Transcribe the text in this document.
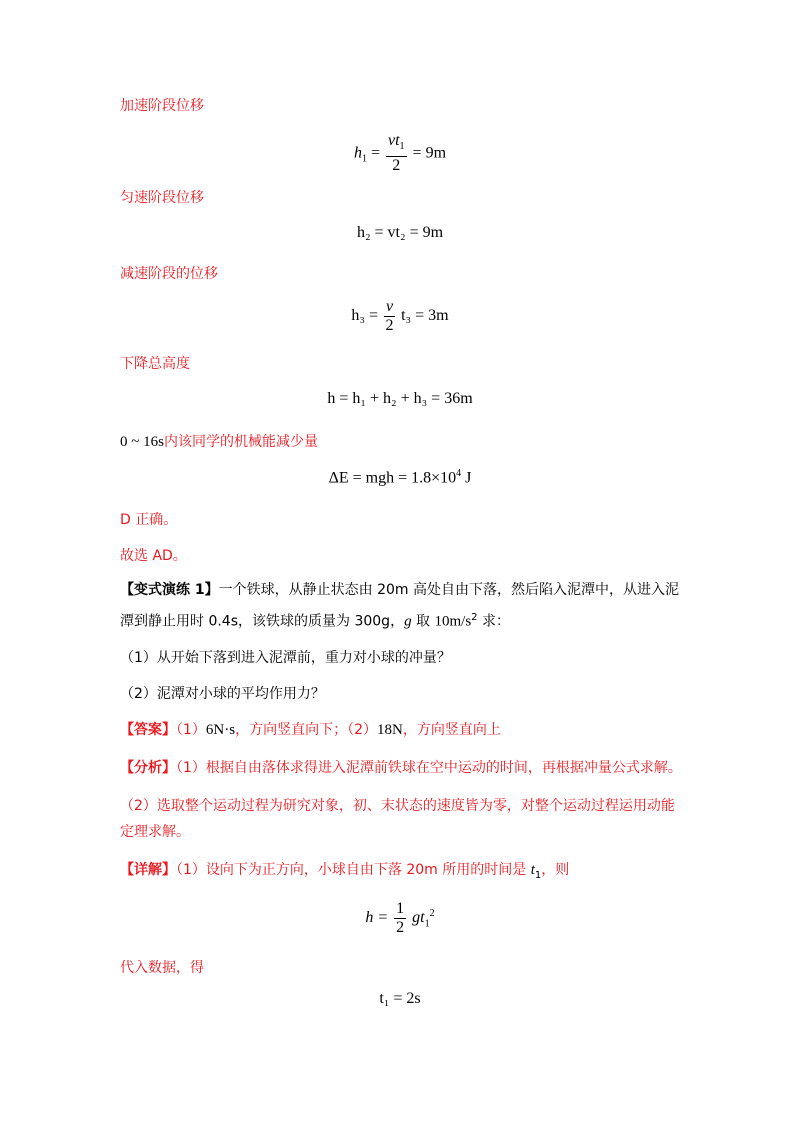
加速阶段位移
$h_1 = \frac{vt_1}{2} = 9m$
匀速阶段位移
h₂ = vt₂ = 9m
减速阶段的位移
$h_3 = \frac{v}{2} t_3 = 3m$
下降总高度
h = h₁ + h₂ + h₃ = 36m
0 ~ 16s内该同学的机械能减少量
ΔE = mgh = $1.8\times 10^4$ J
D 正确。
故选 AD。
【变式演练 1】一个铁球，从静止状态由 20m 高处自由下落，然后陷入泥潭中，从进入泥
潭到静止用时 0.4s，该铁球的质量为 300g，g 取 $10m/s^2$ 求：
（1）从开始下落到进入泥潭前，重力对小球的冲量？
（2）泥潭对小球的平均作用力？
【答案】（1）6N·s，方向竖直向下；（2）18N，方向竖直向上
【分析】（1）根据自由落体求得进入泥潭前铁球在空中运动的时间，再根据冲量公式求解。
（2）选取整个运动过程为研究对象，初、末状态的速度皆为零，对整个运动过程运用动能
定理求解。
【详解】（1）设向下为正方向，小球自由下落 20m 所用的时间是 $t_1$，则
$h = \frac{1}{2} gt_1^2$
代入数据，得
t₁ = 2s
